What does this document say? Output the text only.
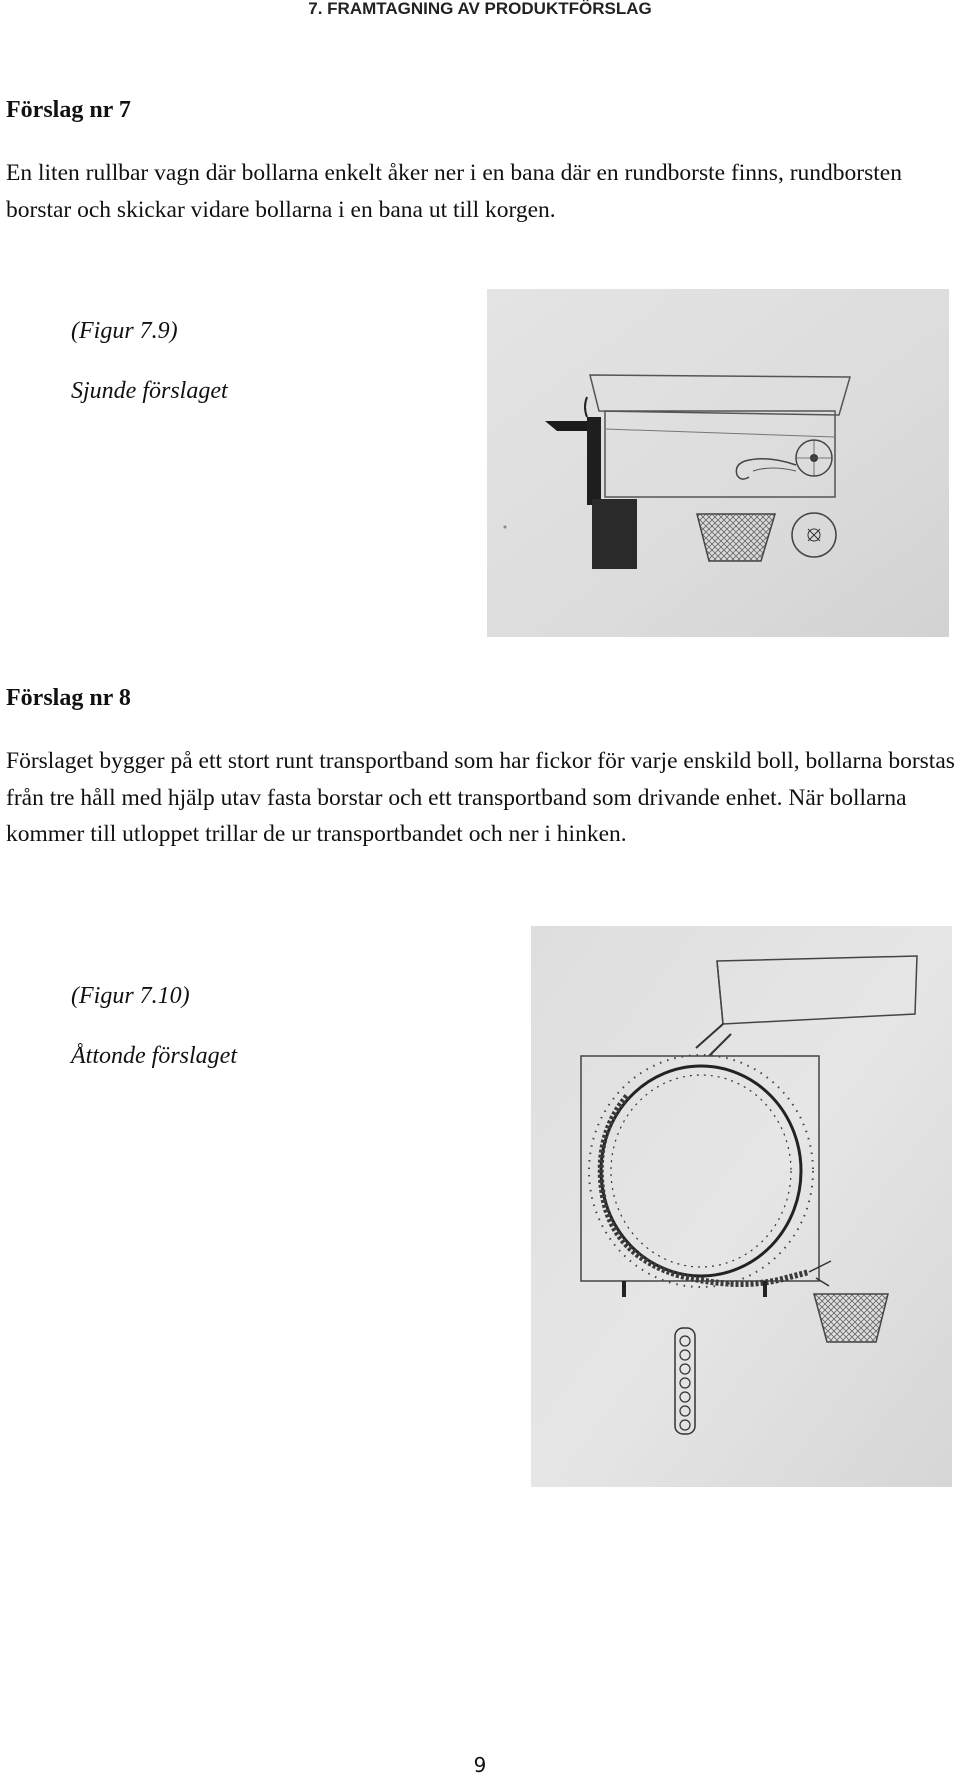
7. FRAMTAGNING AV PRODUKTFÖRSLAG
Förslag nr 7

En liten rullbar vagn där bollarna enkelt åker ner i en bana där en rundborste finns, rundborsten borstar och skickar vidare bollarna i en bana ut till korgen.

(Figur 7.9)

Sjunde förslaget

Förslag nr 8

Förslaget bygger på ett stort runt transportband som har fickor för varje enskild boll, bollarna borstas från tre håll med hjälp utav fasta borstar och ett transportband som drivande enhet. När bollarna kommer till utloppet trillar de ur transportbandet och ner i hinken.

(Figur 7.10)

Åttonde förslaget

9
